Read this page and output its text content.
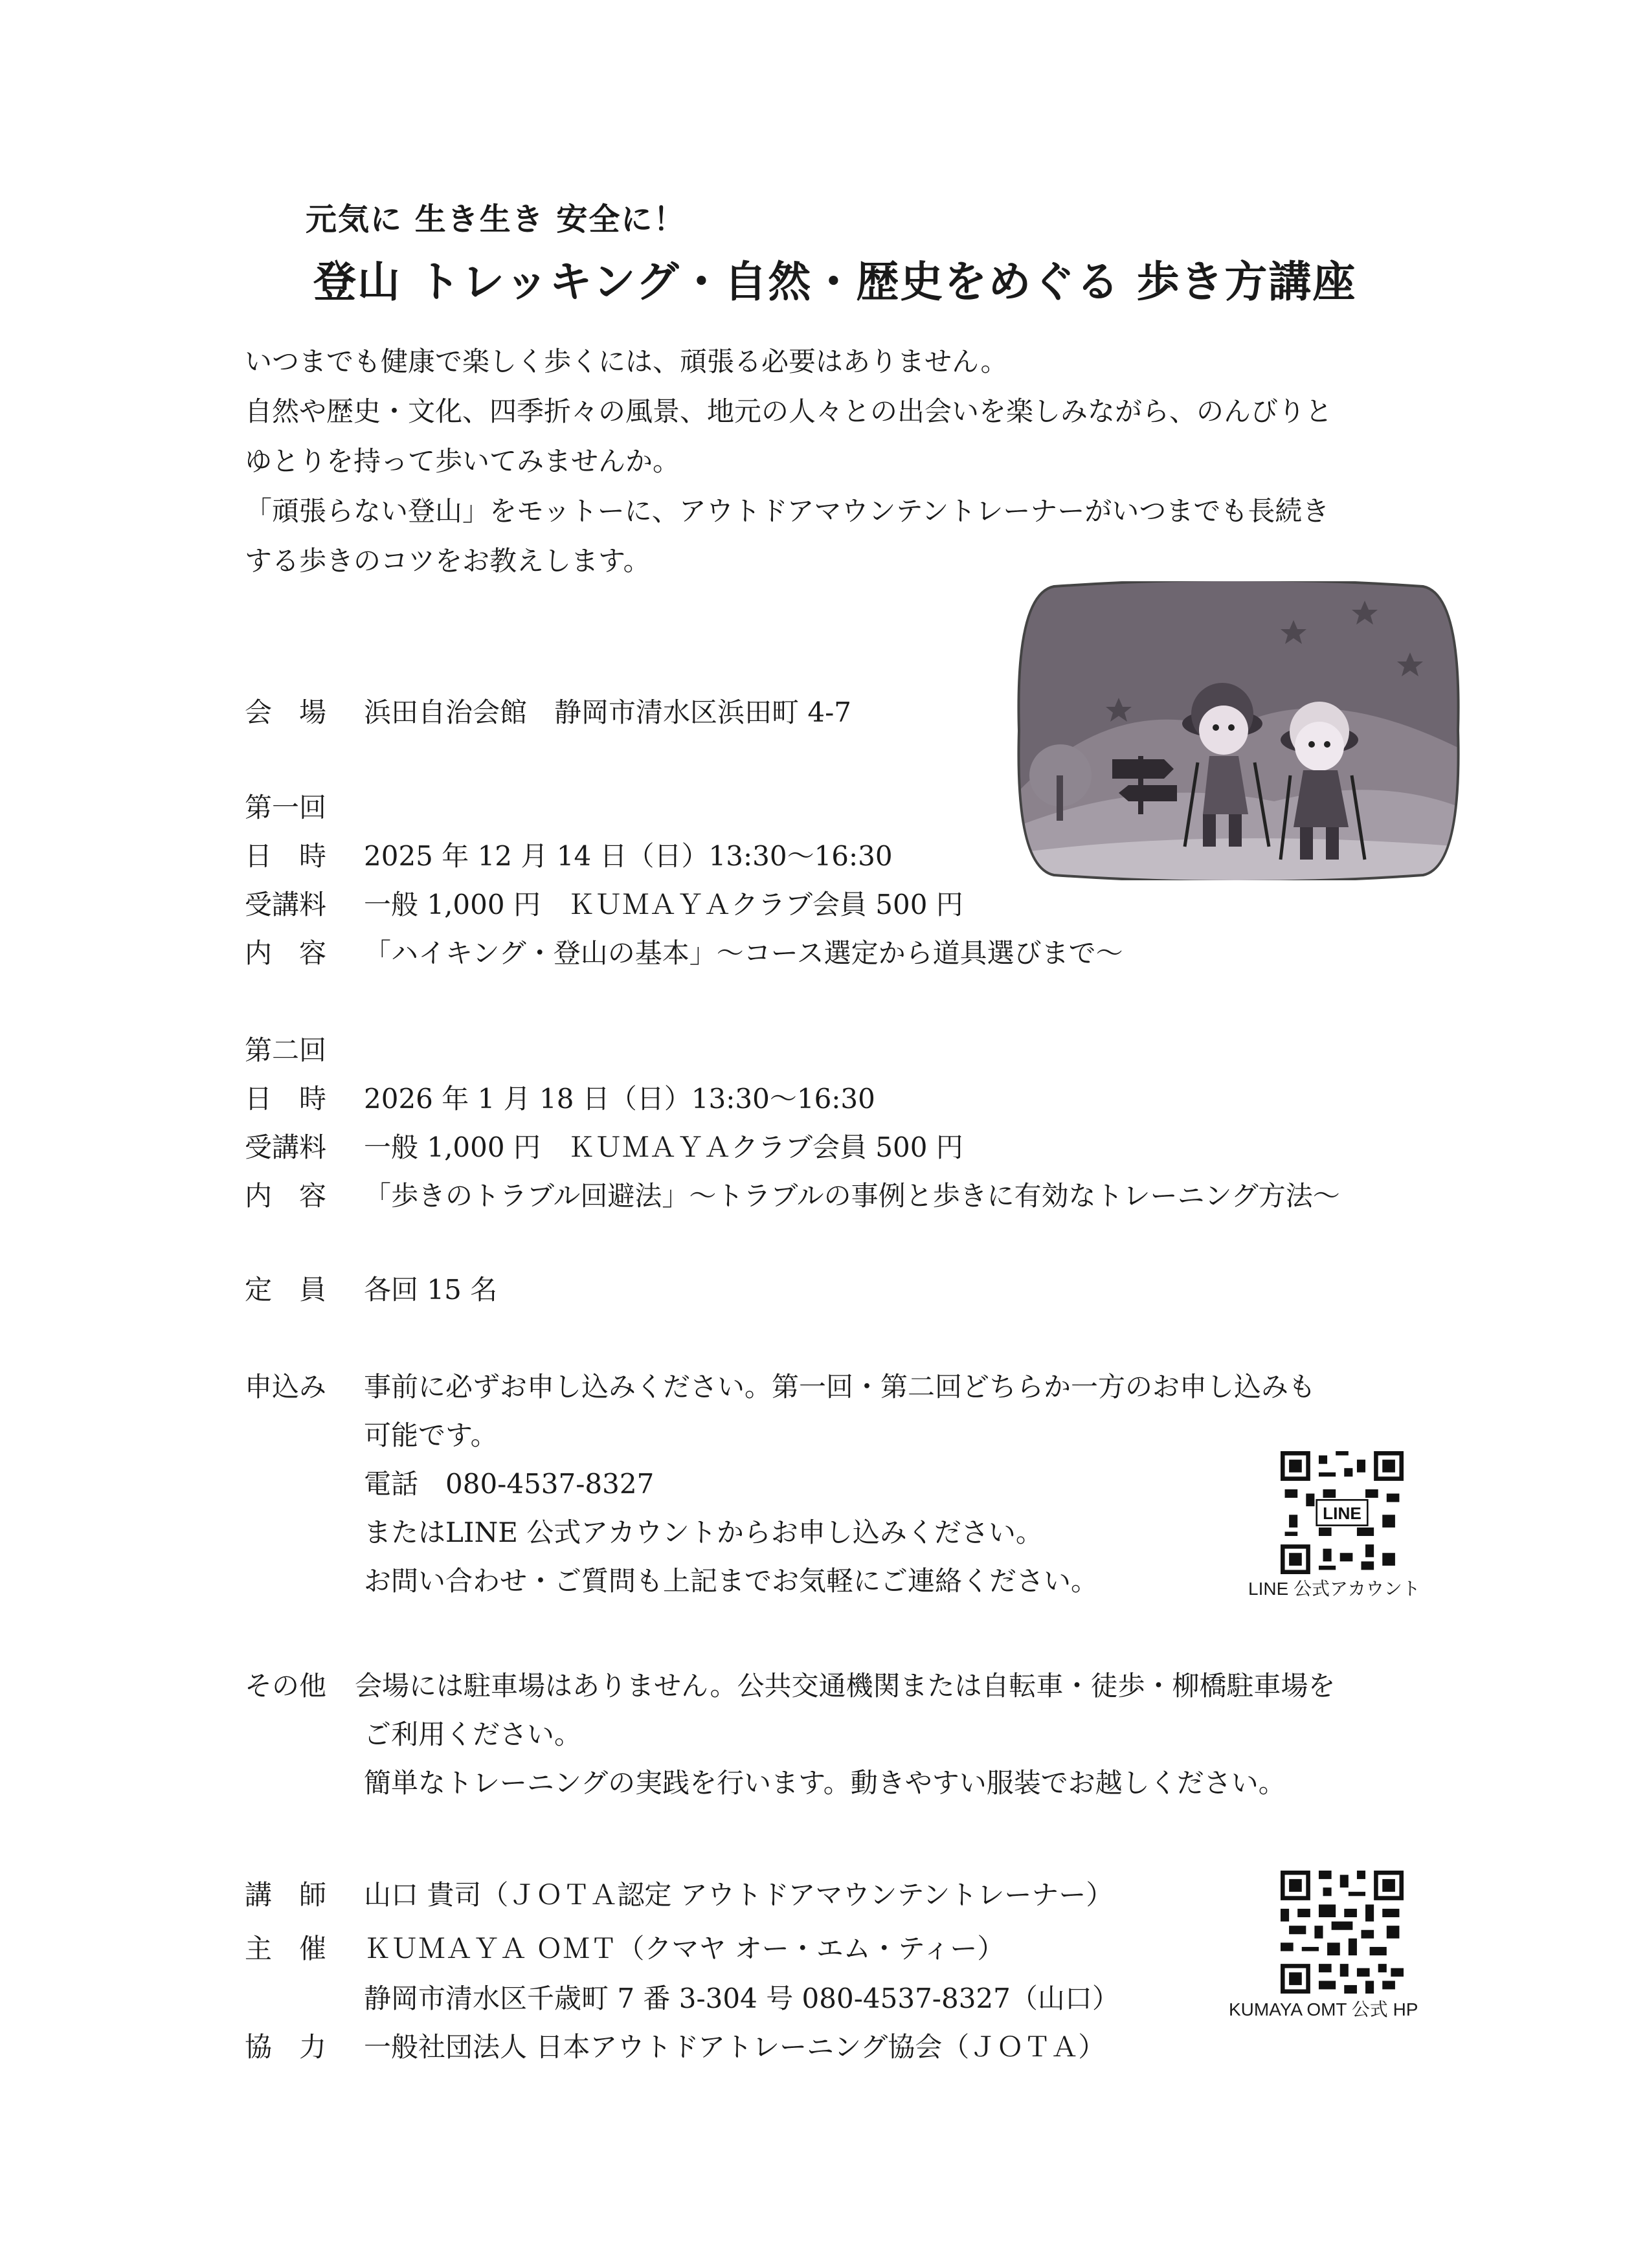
元気に 生き生き 安全に！
登山 トレッキング・自然・歴史をめぐる 歩き方講座
いつまでも健康で楽しく歩くには、頑張る必要はありません。
自然や歴史・文化、四季折々の風景、地元の人々との出会いを楽しみながら、のんびりと
ゆとりを持って歩いてみませんか。
「頑張らない登山」をモットーに、アウトドアマウンテントレーナーがいつまでも長続き
する歩きのコツをお教えします。
会　場 浜田自治会館　静岡市清水区浜田町 4-7
第一回
日　時 2025 年 12 月 14 日（日）13:30～16:30
受講料 一般 1,000 円　ＫＵＭＡＹＡクラブ会員 500 円
内　容 「ハイキング・登山の基本」～コース選定から道具選びまで～
第二回
日　時 2026 年 1 月 18 日（日）13:30～16:30
受講料 一般 1,000 円　ＫＵＭＡＹＡクラブ会員 500 円
内　容 「歩きのトラブル回避法」～トラブルの事例と歩きに有効なトレーニング方法～
定　員 各回 15 名
申込み 事前に必ずお申し込みください。第一回・第二回どちらか一方のお申し込みも
可能です。
電話　080-4537-8327
またはLINE 公式アカウントからお申し込みください。
お問い合わせ・ご質問も上記までお気軽にご連絡ください。
LINE
LINE 公式アカウント
その他 会場には駐車場はありません。公共交通機関または自転車・徒歩・柳橋駐車場を
ご利用ください。
簡単なトレーニングの実践を行います。動きやすい服装でお越しください。
講　師 山口 貴司（ＪＯＴＡ認定 アウトドアマウンテントレーナー）
主　催 ＫＵＭＡＹＡ ＯＭＴ（クマヤ オー・エム・ティー）
静岡市清水区千歳町 7 番 3-304 号 080-4537-8327（山口）	KUMAYA OMT 公式 HP
協　力 一般社団法人 日本アウトドアトレーニング協会（ＪＯＴＡ）
